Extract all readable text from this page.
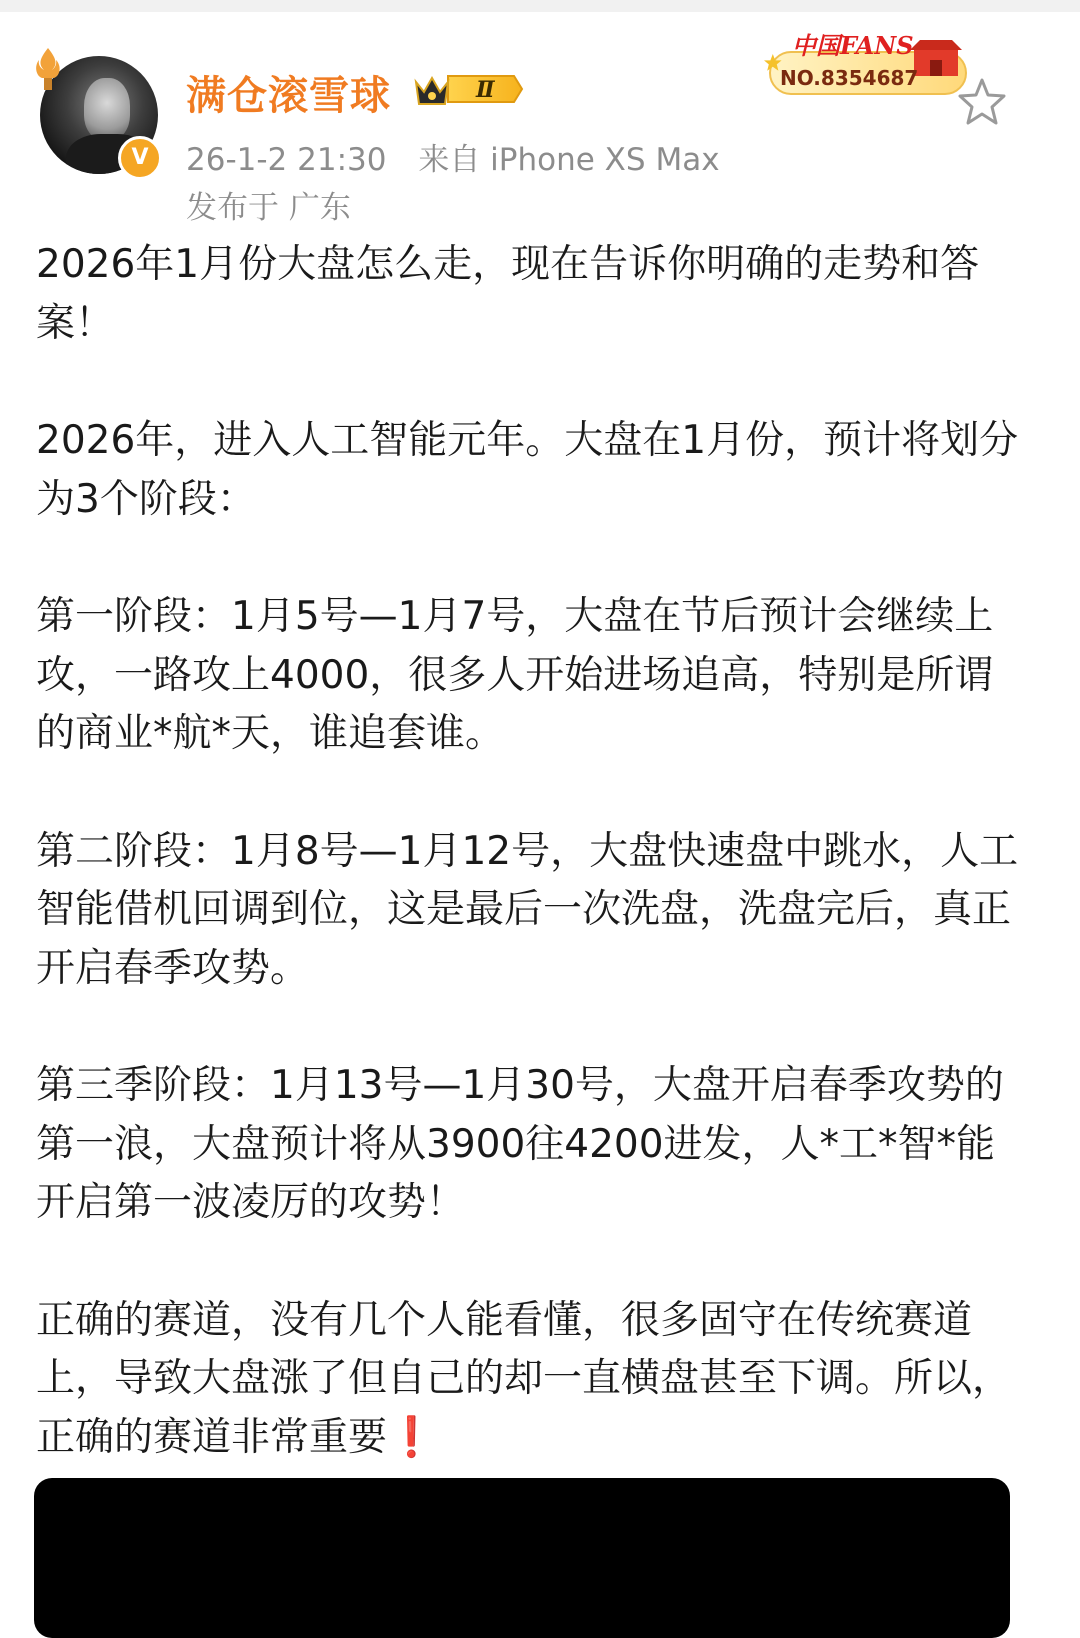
V
满仓滚雪球	Ⅱ
26-1-2 21:30 来自 iPhone XS Max
发布于 广东
中国FANS
NO.8354687

2026年1月份大盘怎么走，现在告诉你明确的走势和答案！

2026年，进入人工智能元年。大盘在1月份，预计将划分为3个阶段：

第一阶段：1月5号—1月7号，大盘在节后预计会继续上攻，一路攻上4000，很多人开始进场追高，特别是所谓的商业*航*天，谁追套谁。

第二阶段：1月8号—1月12号，大盘快速盘中跳水，人工智能借机回调到位，这是最后一次洗盘，洗盘完后，真正开启春季攻势。

第三季阶段：1月13号—1月30号，大盘开启春季攻势的第一浪，大盘预计将从3900往4200进发，人*工*智*能开启第一波凌厉的攻势！

正确的赛道，没有几个人能看懂，很多固守在传统赛道上，导致大盘涨了但自己的却一直横盘甚至下调。所以，正确的赛道非常重要❗
